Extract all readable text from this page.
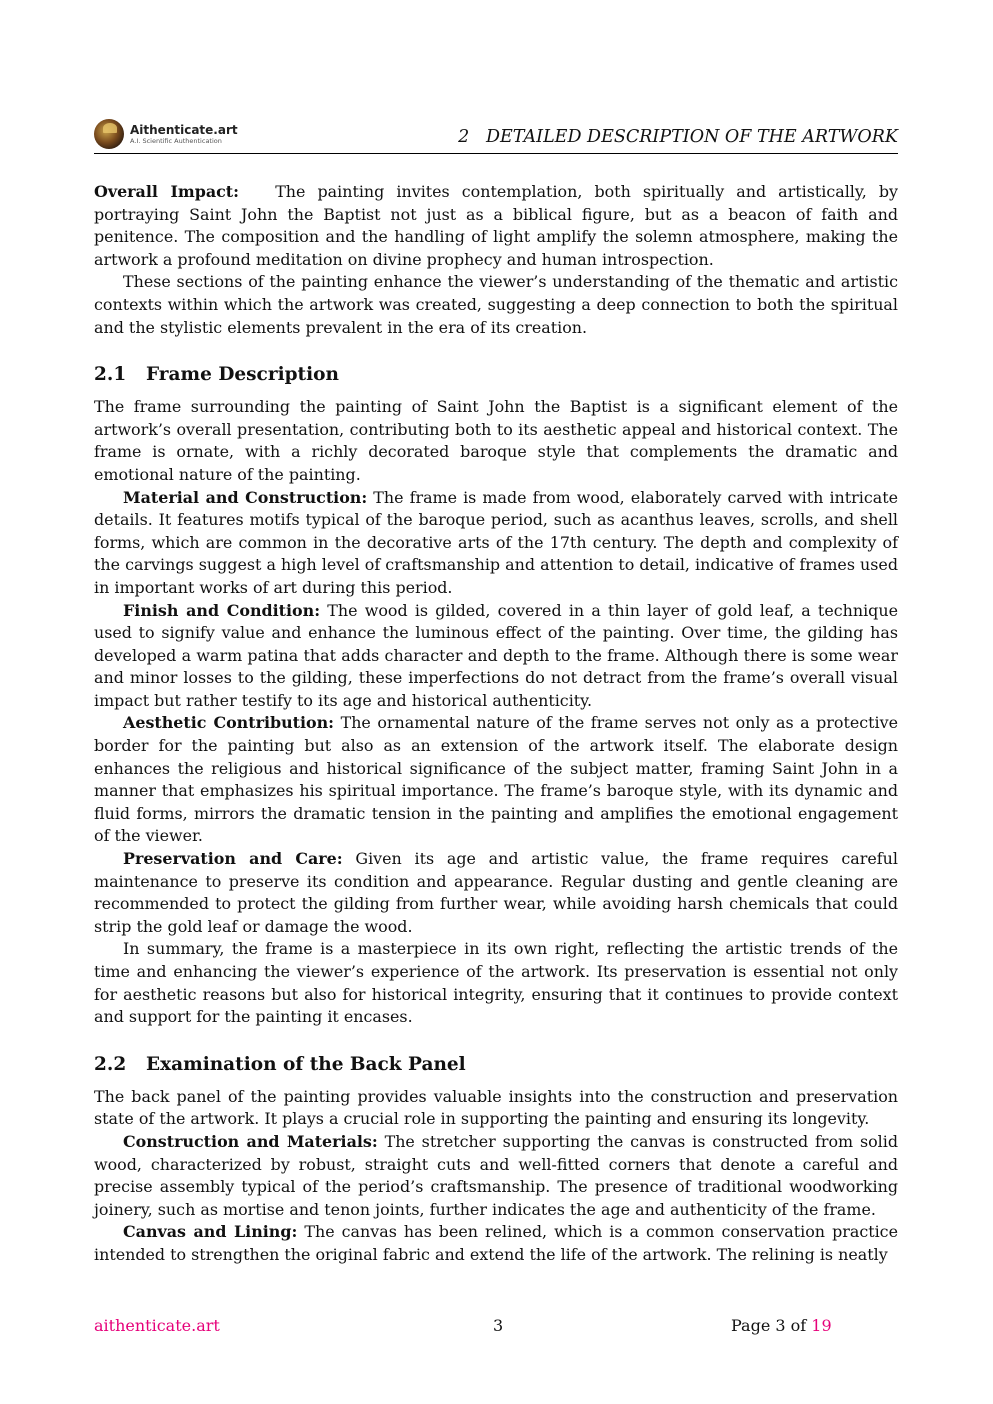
Aithenticate.art
A.I. Scientific Authentication	2   DETAILED DESCRIPTION OF THE ARTWORK

Overall Impact: The painting invites contemplation, both spiritually and artistically, by portraying Saint John the Baptist not just as a biblical figure, but as a beacon of faith and penitence. The composition and the handling of light amplify the solemn atmosphere, making the artwork a profound meditation on divine prophecy and human introspection.

These sections of the painting enhance the viewer’s understanding of the thematic and artistic contexts within which the artwork was created, suggesting a deep connection to both the spiritual and the stylistic elements prevalent in the era of its creation.

2.1 Frame Description

The frame surrounding the painting of Saint John the Baptist is a significant element of the artwork’s overall presentation, contributing both to its aesthetic appeal and historical context. The frame is ornate, with a richly decorated baroque style that complements the dramatic and emotional nature of the painting.

Material and Construction: The frame is made from wood, elaborately carved with intricate details. It features motifs typical of the baroque period, such as acanthus leaves, scrolls, and shell forms, which are common in the decorative arts of the 17th century. The depth and complexity of the carvings suggest a high level of craftsmanship and attention to detail, indicative of frames used in important works of art during this period.

Finish and Condition: The wood is gilded, covered in a thin layer of gold leaf, a technique used to signify value and enhance the luminous effect of the painting. Over time, the gilding has developed a warm patina that adds character and depth to the frame. Although there is some wear and minor losses to the gilding, these imperfections do not detract from the frame’s overall visual impact but rather testify to its age and historical authenticity.

Aesthetic Contribution: The ornamental nature of the frame serves not only as a protective border for the painting but also as an extension of the artwork itself. The elaborate design enhances the religious and historical significance of the subject matter, framing Saint John in a manner that emphasizes his spiritual importance. The frame’s baroque style, with its dynamic and fluid forms, mirrors the dramatic tension in the painting and amplifies the emotional engagement of the viewer.

Preservation and Care: Given its age and artistic value, the frame requires careful maintenance to preserve its condition and appearance. Regular dusting and gentle cleaning are recommended to protect the gilding from further wear, while avoiding harsh chemicals that could strip the gold leaf or damage the wood.

In summary, the frame is a masterpiece in its own right, reflecting the artistic trends of the time and enhancing the viewer’s experience of the artwork. Its preservation is essential not only for aesthetic reasons but also for historical integrity, ensuring that it continues to provide context and support for the painting it encases.

2.2 Examination of the Back Panel

The back panel of the painting provides valuable insights into the construction and preservation state of the artwork. It plays a crucial role in supporting the painting and ensuring its longevity.

Construction and Materials: The stretcher supporting the canvas is constructed from solid wood, characterized by robust, straight cuts and well-fitted corners that denote a careful and precise assembly typical of the period’s craftsmanship. The presence of traditional woodworking joinery, such as mortise and tenon joints, further indicates the age and authenticity of the frame.

Canvas and Lining: The canvas has been relined, which is a common conservation practice intended to strengthen the original fabric and extend the life of the artwork. The relining is neatly

aithenticate.art	3	Page 3 of 19
